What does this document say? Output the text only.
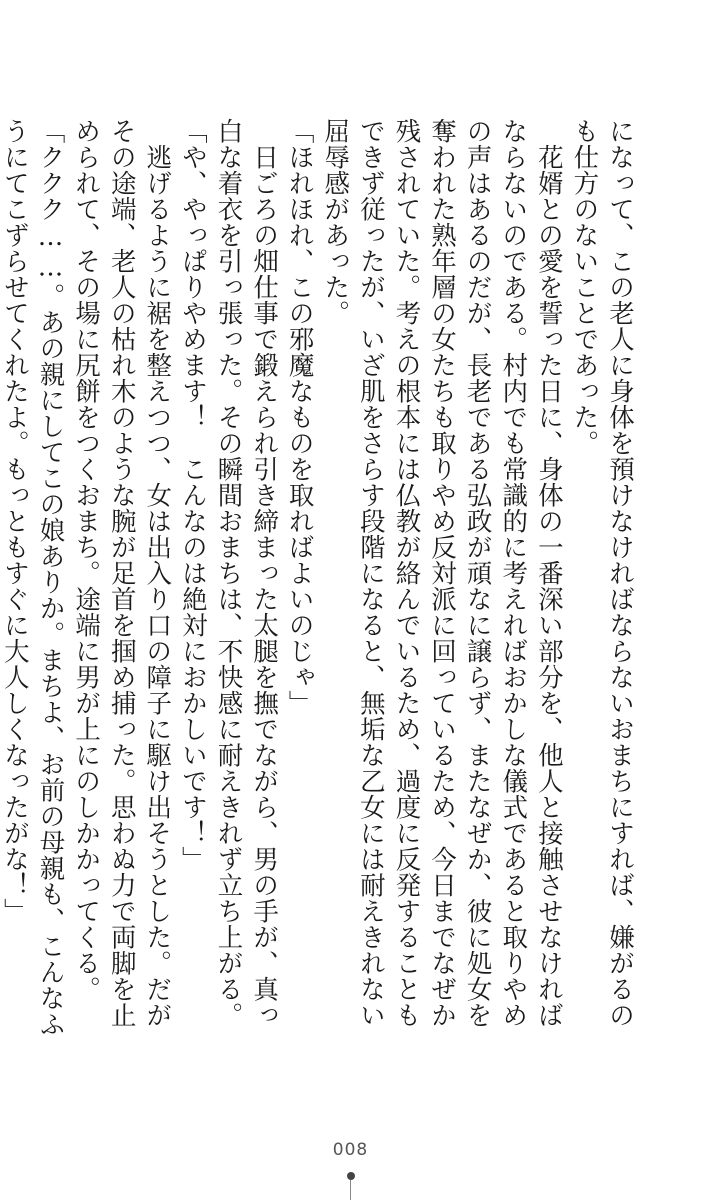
になって、この老人に身体を預けなければならないおまちにすれば、嫌がるのも仕方のないことであった。

　花婿との愛を誓った日に、身体の一番深い部分を、他人と接触させなければならないのである。村内でも常識的に考えればおかしな儀式であると取りやめの声はあるのだが、長老である弘政が頑なに譲らず、またなぜか、彼に処女を奪われた熟年層の女たちも取りやめ反対派に回っているため、今日までなぜか残されていた。考えの根本には仏教が絡んでいるため、過度に反発することもできず従ったが、いざ肌をさらす段階になると、無垢な乙女には耐えきれない屈辱感があった。

「ほれほれ、この邪魔なものを取ればよいのじゃ」

　日ごろの畑仕事で鍛えられ引き締まった太腿を撫でながら、男の手が、真っ白な着衣を引っ張った。その瞬間おまちは、不快感に耐えきれず立ち上がる。

「や、やっぱりやめます！　こんなのは絶対におかしいです！」

　逃げるように裾を整えつつ、女は出入り口の障子に駆け出そうとした。だがその途端、老人の枯れ木のような腕が足首を掴め捕った。思わぬ力で両脚を止められて、その場に尻餅をつくおまち。途端に男が上にのしかかってくる。

「ククク……。あの親にしてこの娘ありか。まちよ、お前の母親も、こんなふうにてこずらせてくれたよ。もっともすぐに大人しくなったがな！」

008
